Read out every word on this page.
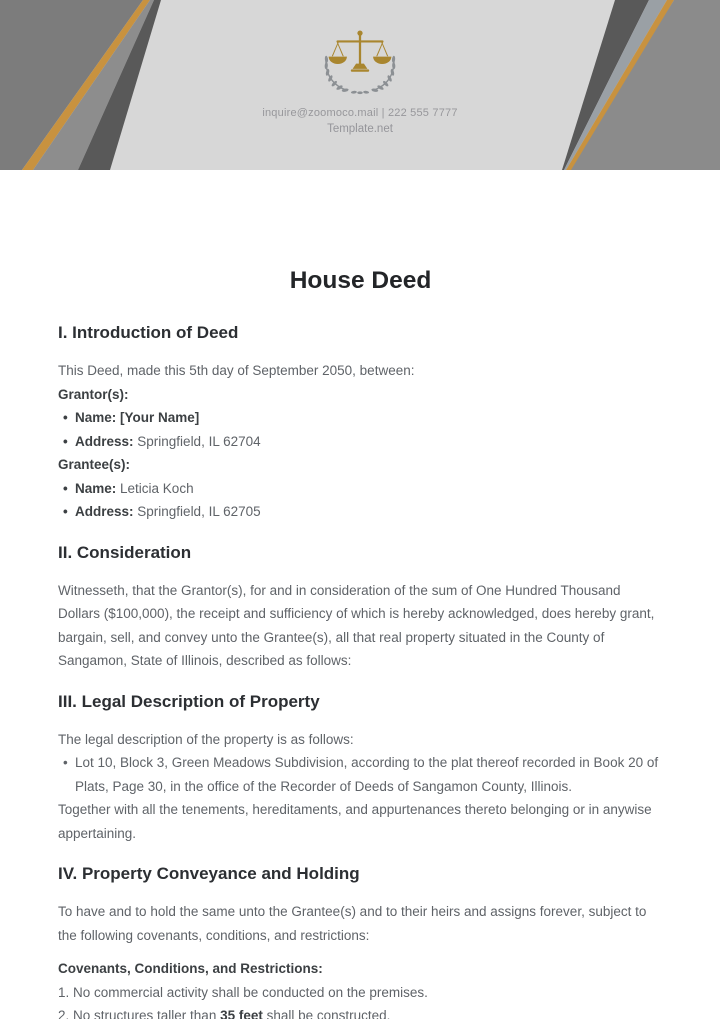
inquire@zoomoco.mail | 222 555 7777
Template.net
House Deed
I. Introduction of Deed

This Deed, made this 5th day of September 2050, between:

Grantor(s):

• Name: [Your Name]
• Address: Springfield, IL 62704

Grantee(s):

• Name: Leticia Koch
• Address: Springfield, IL 62705
II. Consideration

Witnesseth, that the Grantor(s), for and in consideration of the sum of One Hundred Thousand Dollars ($100,000), the receipt and sufficiency of which is hereby acknowledged, does hereby grant, bargain, sell, and convey unto the Grantee(s), all that real property situated in the County of Sangamon, State of Illinois, described as follows:

III. Legal Description of Property

The legal description of the property is as follows:

• Lot 10, Block 3, Green Meadows Subdivision, according to the plat thereof recorded in Book 20 of Plats, Page 30, in the office of the Recorder of Deeds of Sangamon County, Illinois.

Together with all the tenements, hereditaments, and appurtenances thereto belonging or in anywise appertaining.

IV. Property Conveyance and Holding

To have and to hold the same unto the Grantee(s) and to their heirs and assigns forever, subject to the following covenants, conditions, and restrictions:

Covenants, Conditions, and Restrictions:

1. No commercial activity shall be conducted on the premises.

2. No structures taller than 35 feet shall be constructed.
